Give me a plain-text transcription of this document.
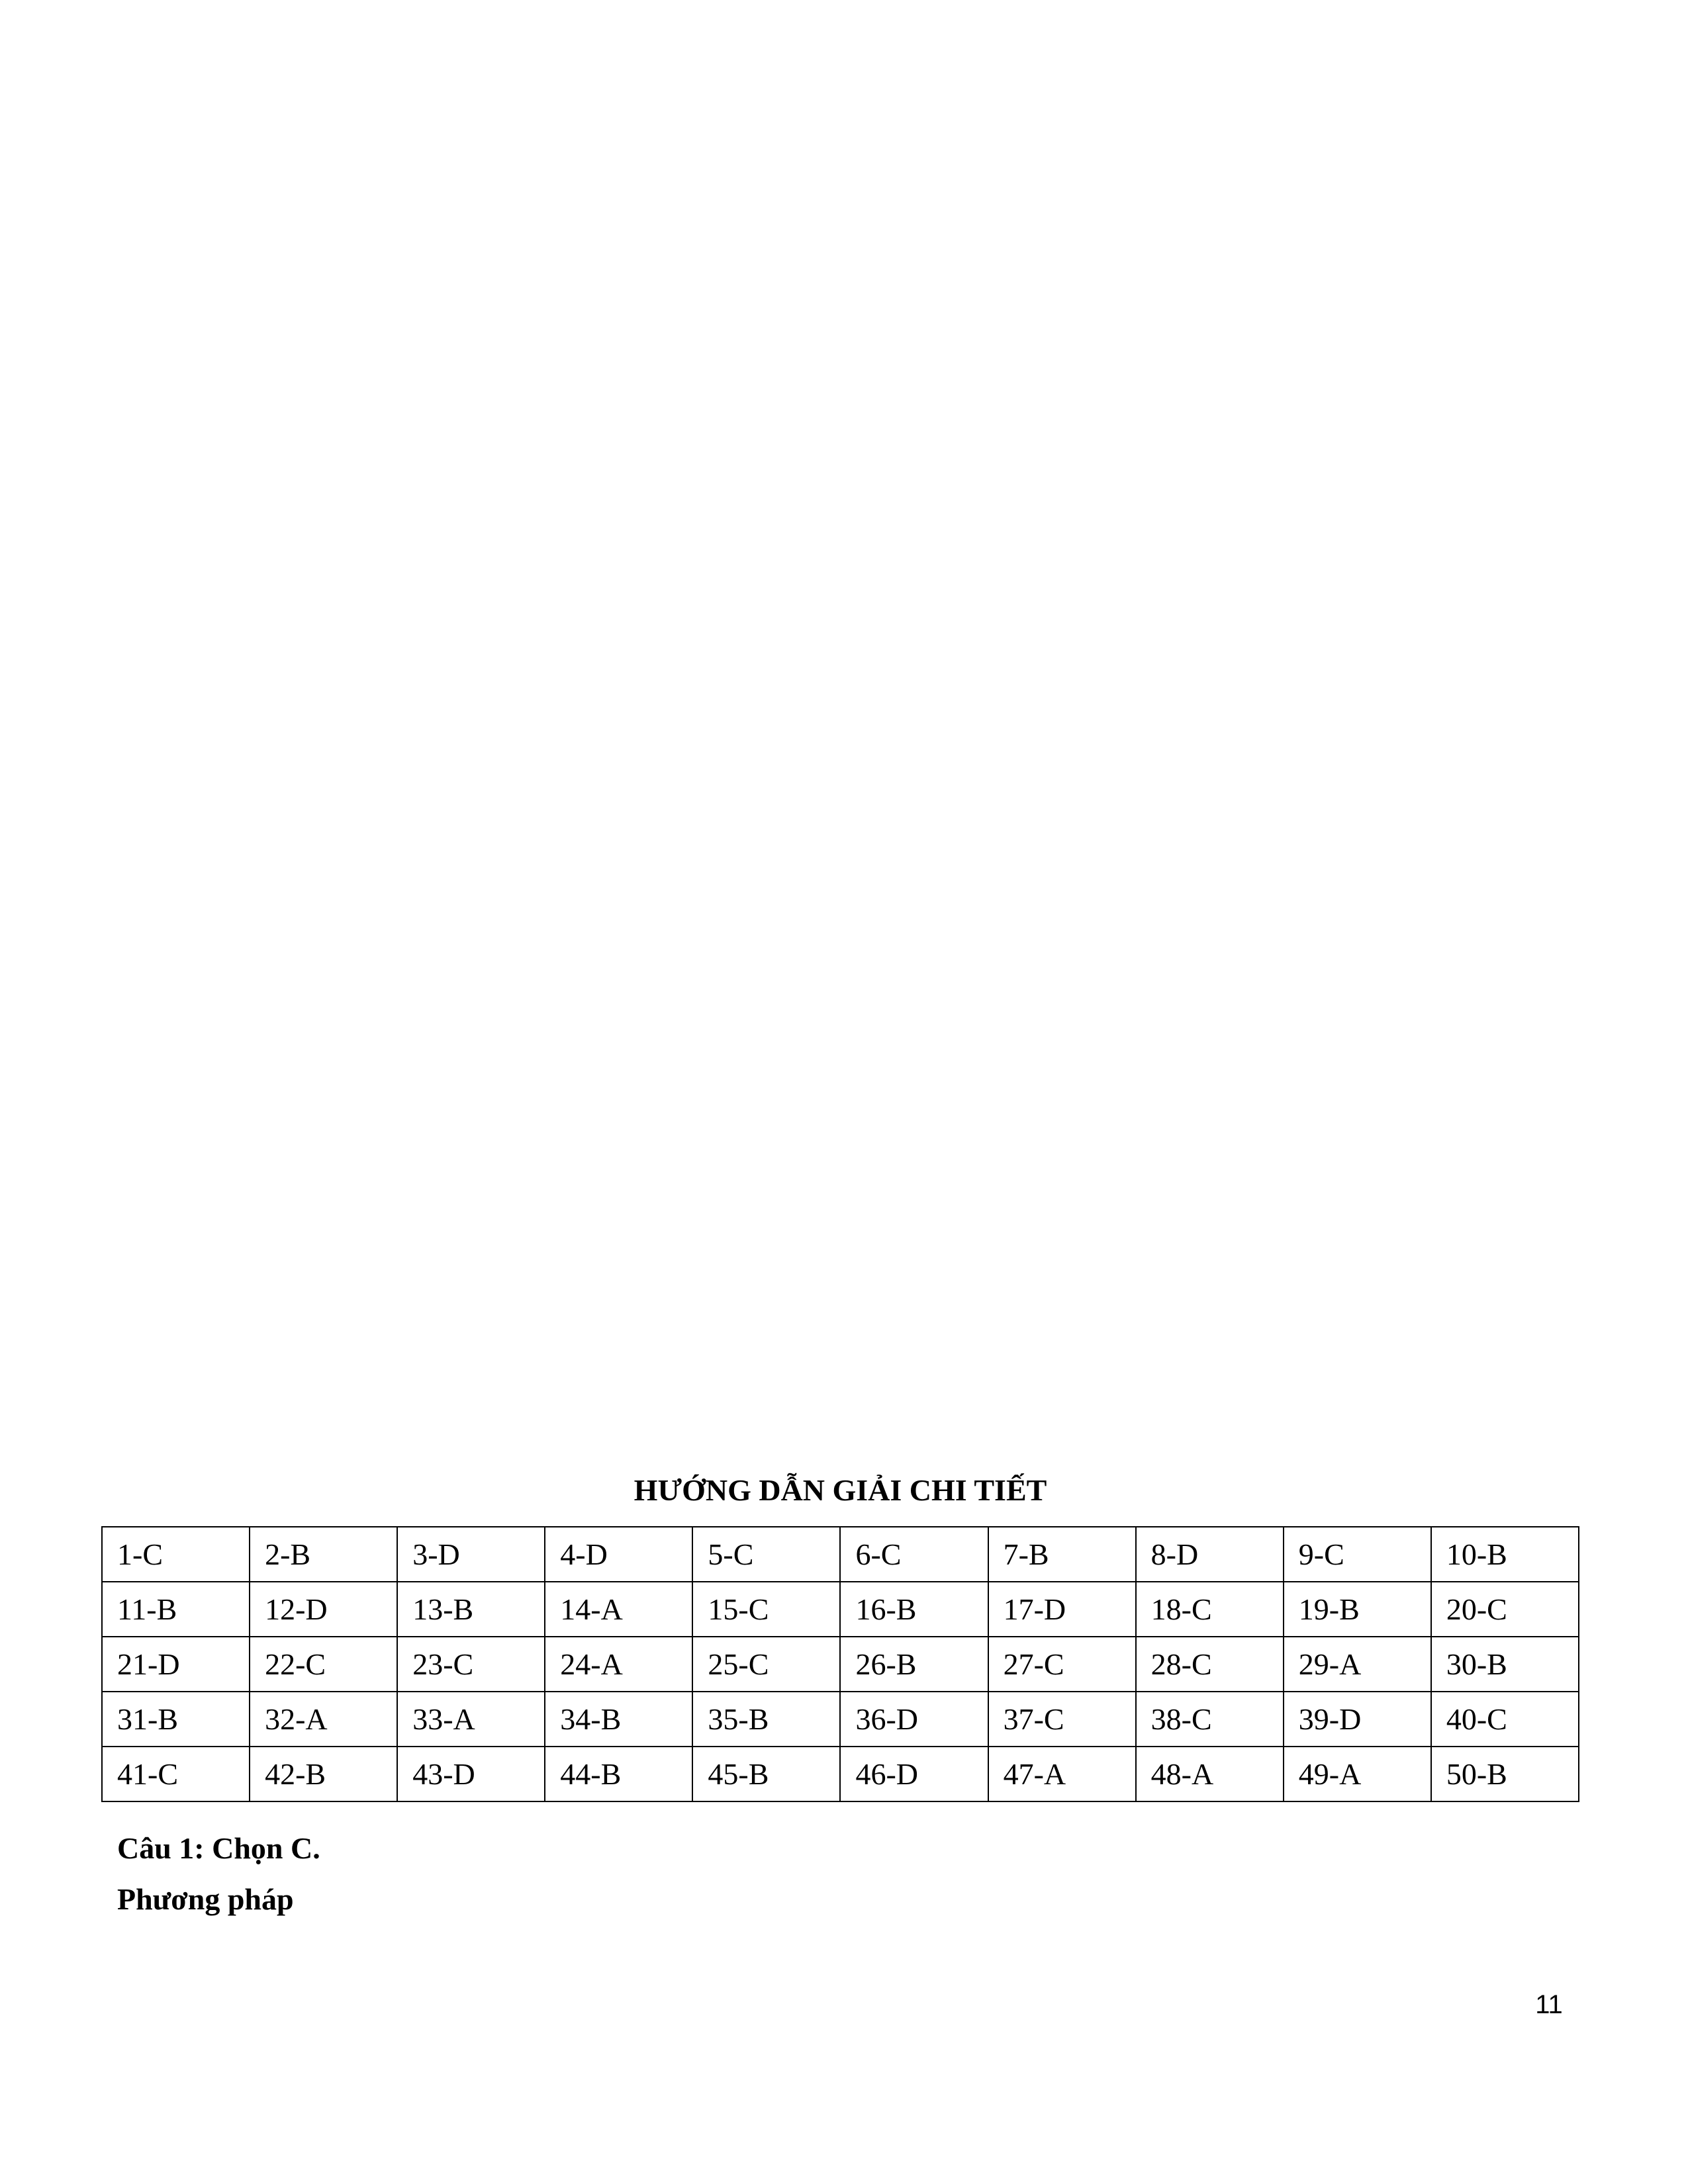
HƯỚNG DẪN GIẢI CHI TIẾT
1-C	2-B	3-D	4-D	5-C	6-C	7-B	8-D	9-C	10-B
11-B	12-D	13-B	14-A	15-C	16-B	17-D	18-C	19-B	20-C
21-D	22-C	23-C	24-A	25-C	26-B	27-C	28-C	29-A	30-B
31-B	32-A	33-A	34-B	35-B	36-D	37-C	38-C	39-D	40-C
41-C	42-B	43-D	44-B	45-B	46-D	47-A	48-A	49-A	50-B
Câu 1: Chọn C.
Phương pháp
11
